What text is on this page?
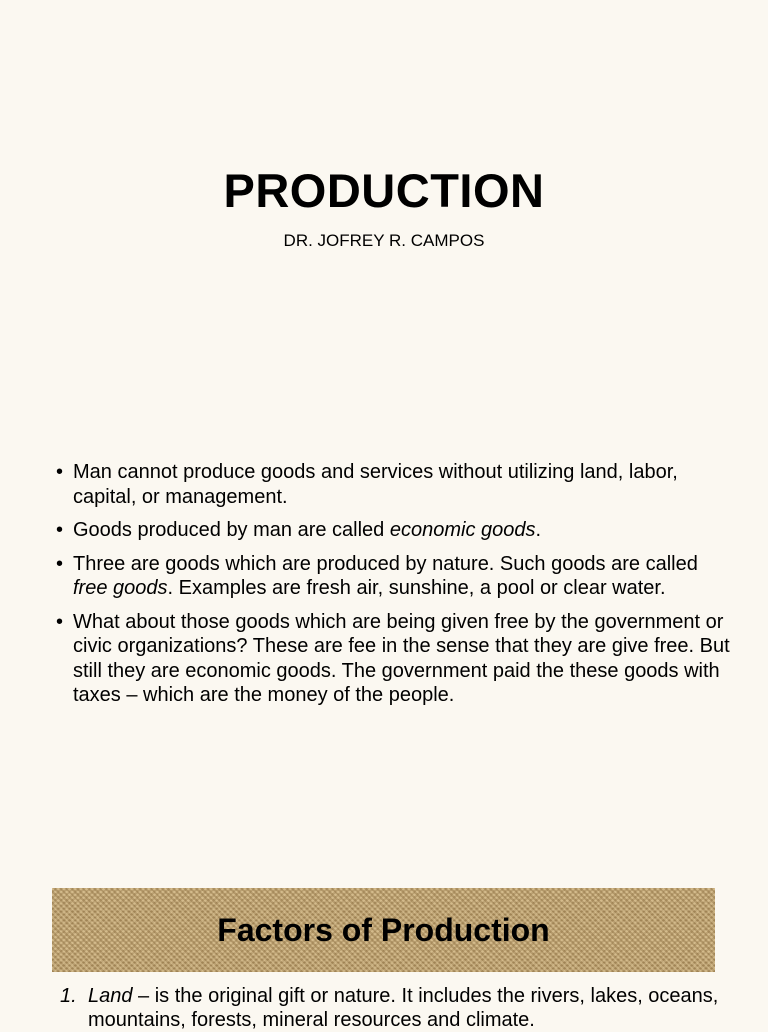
PRODUCTION
DR. JOFREY R. CAMPOS
• Man cannot produce goods and services without utilizing land, labor, capital, or management.
• Goods produced by man are called economic goods.
• Three are goods which are produced by nature. Such goods are called free goods. Examples are fresh air, sunshine, a pool or clear water.
• What about those goods which are being given free by the government or civic organizations? These are fee in the sense that they are give free. But still they are economic goods. The government paid the these goods with taxes – which are the money of the people.
Factors of Production
1. Land – is the original gift or nature. It includes the rivers, lakes, oceans, mountains, forests, mineral resources and climate.
